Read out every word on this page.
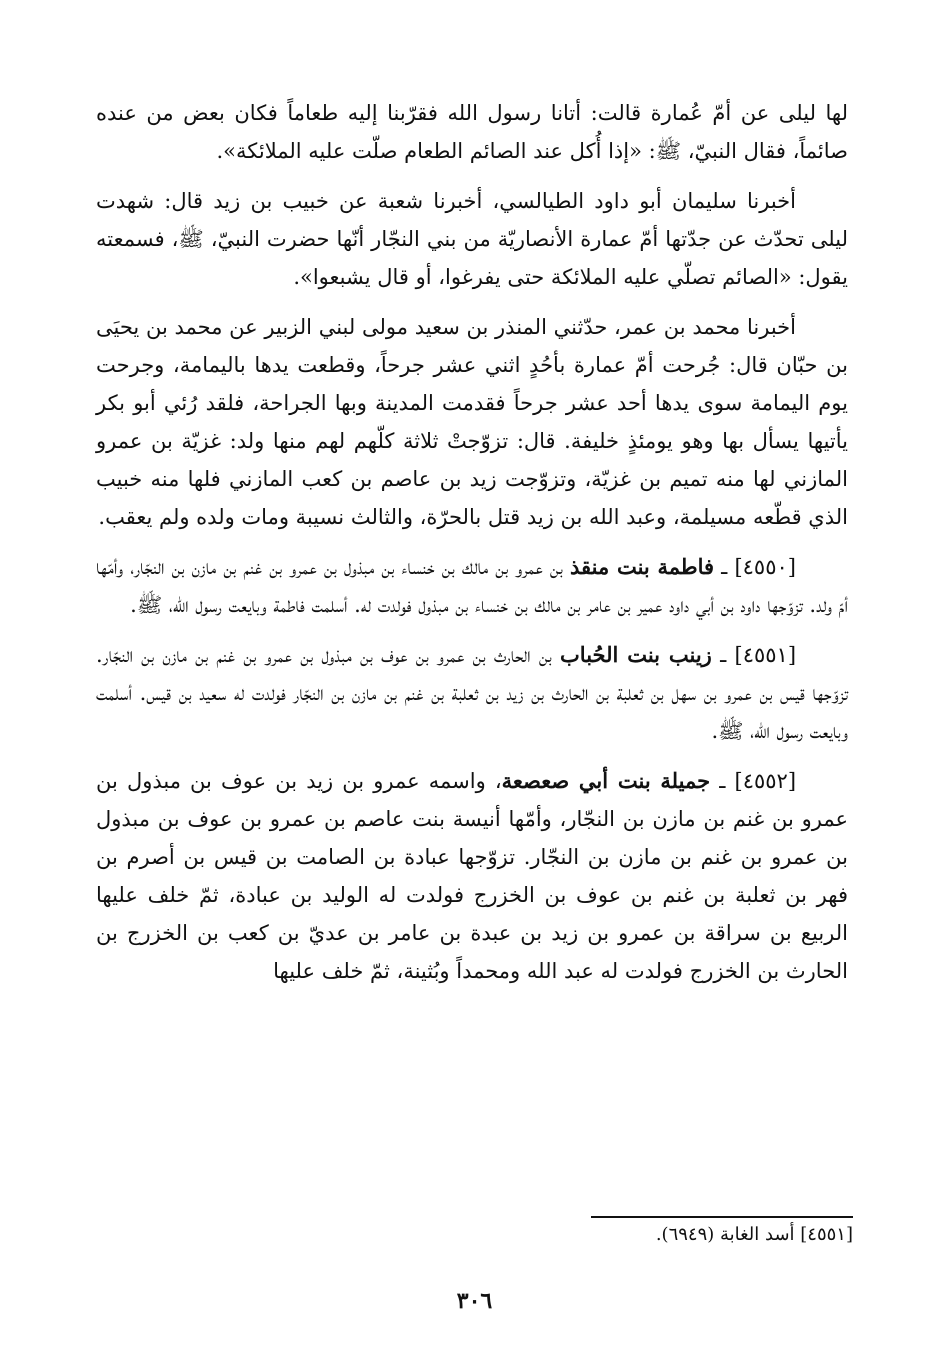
لها ليلى عن أمّ عُمارة قالت: أتانا رسول الله فقرّبنا إليه طعاماً فكان بعض من عنده صائماً، فقال النبيّ، ﷺ: «إذا أُكل عند الصائم الطعام صلّت عليه الملائكة».

أخبرنا سليمان أبو داود الطيالسي، أخبرنا شعبة عن خبيب بن زيد قال: شهدت ليلى تحدّث عن جدّتها أمّ عمارة الأنصاريّة من بني النجّار أنّها حضرت النبيّ، ﷺ، فسمعته يقول: «الصائم تصلّي عليه الملائكة حتى يفرغوا، أو قال يشبعوا».

أخبرنا محمد بن عمر، حدّثني المنذر بن سعيد مولى لبني الزبير عن محمد بن يحيَى بن حبّان قال: جُرحت أمّ عمارة بأحُدٍ اثني عشر جرحاً، وقطعت يدها باليمامة، وجرحت يوم اليمامة سوى يدها أحد عشر جرحاً فقدمت المدينة وبها الجراحة، فلقد رُئي أبو بكر يأتيها يسأل بها وهو يومئذٍ خليفة. قال: تزوّجتْ ثلاثة كلّهم لهم منها ولد: غزيّة بن عمرو المازني لها منه تميم بن غزيّة، وتزوّجت زيد بن عاصم بن كعب المازني فلها منه خبيب الذي قطّعه مسيلمة، وعبد الله بن زيد قتل بالحرّة، والثالث نسيبة ومات ولده ولم يعقب.

[٤٥٥٠] ـ فاطمة بنت منقذ بن عمرو بن مالك بن خنساء بن مبذول بن عمرو بن غنم بن مازن بن النجّار، وأمّها أمّ ولد. تزوّجها داود بن أبي داود عمير بن عامر بن مالك بن خنساء بن مبذول فولدت له. أسلمت فاطمة وبايعت رسول الله، ﷺ.

[٤٥٥١] ـ زينب بنت الحُباب بن الحارث بن عمرو بن عوف بن مبذول بن عمرو بن غنم بن مازن بن النجّار. تزوّجها قيس بن عمرو بن سهل بن ثعلبة بن الحارث بن زيد بن ثعلبة بن غنم بن مازن بن النجّار فولدت له سعيد بن قيس. أسلمت وبايعت رسول الله، ﷺ.

[٤٥٥٢] ـ جميلة بنت أبي صعصعة، واسمه عمرو بن زيد بن عوف بن مبذول بن عمرو بن غنم بن مازن بن النجّار، وأمّها أنيسة بنت عاصم بن عمرو بن عوف بن مبذول بن عمرو بن غنم بن مازن بن النجّار. تزوّجها عبادة بن الصامت بن قيس بن أصرم بن فهر بن ثعلبة بن غنم بن عوف بن الخزرج فولدت له الوليد بن عبادة، ثمّ خلف عليها الربيع بن سراقة بن عمرو بن زيد بن عبدة بن عامر بن عديّ بن كعب بن الخزرج بن الحارث بن الخزرج فولدت له عبد الله ومحمداً وبُثينة، ثمّ خلف عليها

[٤٥٥١] أسد الغابة (٦٩٤٩).
٣٠٦
